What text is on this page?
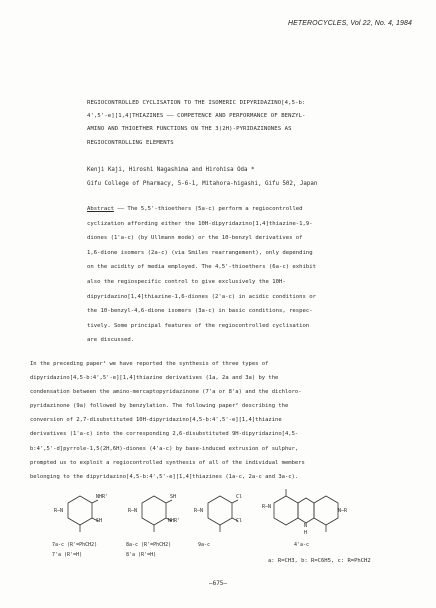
HETEROCYCLES, Vol 22, No. 4, 1984
REGIOCONTROLLED CYCLISATION TO THE ISOMERIC DIPYRIDAZINO[4,5-b:
4',5'-e][1,4]THIAZINES —— COMPETENCE AND PERFORMANCE OF BENZYL-
AMINO AND THIOETHER FUNCTIONS ON THE 3(2H)-PYRIDAZINONES AS
REGIOCONTROLLING ELEMENTS
Kenji Kaji, Hiroshi Nagashima and Hirohisa Oda *
Gifu College of Pharmacy, 5-6-1, Mitahora-higashi, Gifu 502, Japan
Abstract —— The 5,5'-thioethers (5a-c) perform a regiocontrolled
cyclization affording either the 10H-dipyridazino[1,4]thiazine-1,9-
diones (1'a-c) (by Ullmann mode) or the 10-benzyl derivatives of
1,6-dione isomers (2a-c) (via Smiles rearrangement), only depending
on the acidity of media employed. The 4,5'-thioethers (6a-c) exhibit
also the regiospecific control to give exclusively the 10H-
dipyridazino[1,4]thiazine-1,6-diones (2'a-c) in acidic conditions or
the 10-benzyl-4,6-dione isomers (3a-c) in basic conditions, respec-
tively. Some principal features of the regiocontrolled cyclisation
are discussed.
In the preceding paper¹ we have reported the synthesis of three types of
dipyridazino[4,5-b:4',5'-e][1,4]thiazine derivatives (1a, 2a and 3a) by the
condensation between the amino-mercaptopyridazinone (7'a or 8'a) and the dichloro-
pyridazinone (9a) followed by benzylation. The following paper² describing the
conversion of 2,7-disubstituted 10H-dipyridazino[4,5-b:4',5'-e][1,4]thiazine
derivatives (1'a-c) into the corresponding 2,6-disubstituted 9H-dipyridazino[4,5-
b:4',5'-d]pyrrole-1,5(2H,6H)-diones (4'a-c) by base-induced extrusion of sulphur,
prompted us to exploit a regiocontrolled synthesis of all of the individual members
belonging to the dipyridazino[4,5-b:4',5'-e][1,4]thiazines (1a-c, 2a-c and 3a-c).
NHR'
R–N
SH
7a-c (R'=PhCH2)
7'a (R'=H)
R–N
SH
NHR'
8a-c (R'=PhCH2)
8'a (R'=H)
R–N
Cl
Cl
9a-c
R–N
N–R
N
H
4'a-c
a: R=CH3, b: R=C6H5, c: R=PhCH2
—675—
